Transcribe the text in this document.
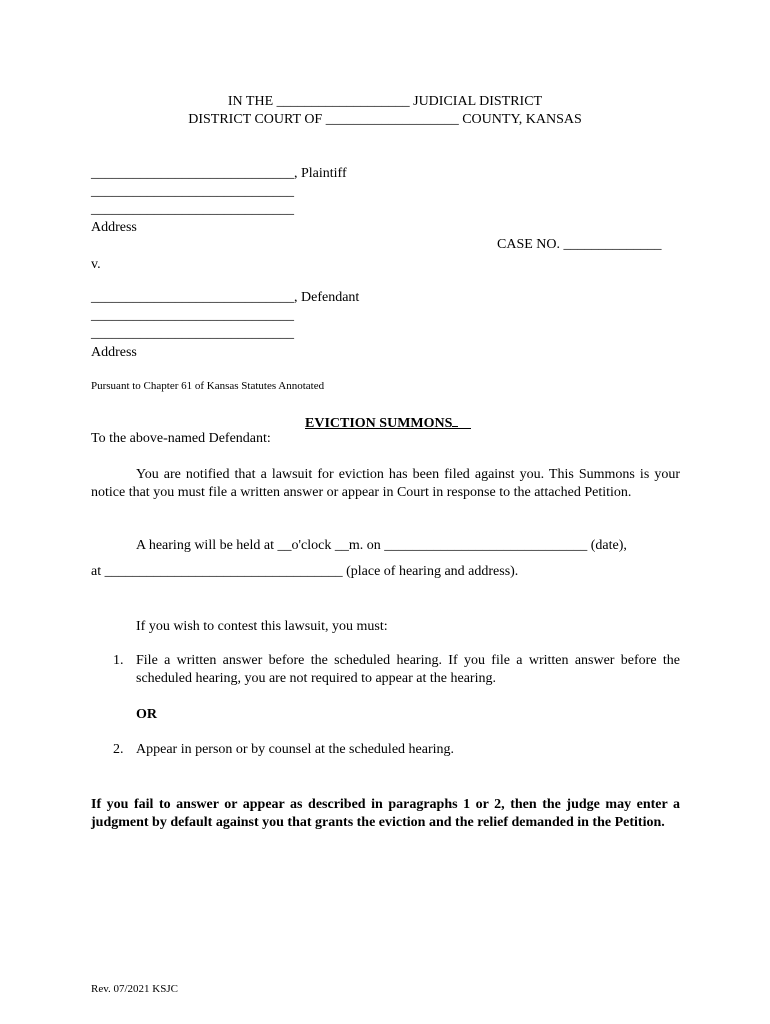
IN THE ___________________ JUDICIAL DISTRICT
DISTRICT COURT OF ___________________ COUNTY, KANSAS
_____________________________, Plaintiff
_____________________________
_____________________________
Address
CASE NO. ______________
v.
_____________________________, Defendant
_____________________________
_____________________________
Address
Pursuant to Chapter 61 of Kansas Statutes Annotated
EVICTION SUMMONS
To the above-named Defendant:
You are notified that a lawsuit for eviction has been filed against you. This Summons is your notice that you must file a written answer or appear in Court in response to the attached Petition.
A hearing will be held at __o'clock __m. on _____________________________ (date),
at __________________________________ (place of hearing and address).
If you wish to contest this lawsuit, you must:
1. File a written answer before the scheduled hearing. If you file a written answer before the scheduled hearing, you are not required to appear at the hearing.
OR
2. Appear in person or by counsel at the scheduled hearing.
If you fail to answer or appear as described in paragraphs 1 or 2, then the judge may enter a judgment by default against you that grants the eviction and the relief demanded in the Petition.
Rev. 07/2021 KSJC
